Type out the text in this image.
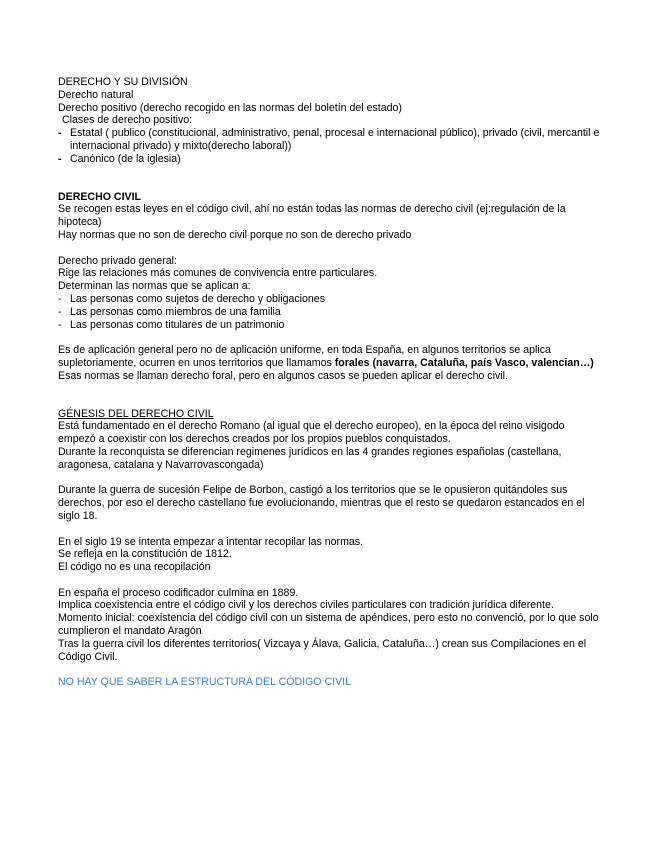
DERECHO Y SU DIVISIÓN
Derecho natural
Derecho positivo (derecho recogido en las normas del boletín del estado)
Clases de derecho positivo:
- Estatal ( publico (constitucional, administrativo, penal, procesal e internacional público), privado (civil, mercantil e internacional privado) y mixto(derecho laboral))
- Canónico (de la iglesia)
DERECHO CIVIL
Se recogen estas leyes en el código civil, ahí no están todas las normas de derecho civil (ej:regulación de la hipoteca)
Hay normas que no son de derecho civil porque no son de derecho privado
Derecho privado general:
Rige las relaciones más comunes de convivencia entre particulares.
Determinan las normas que se aplican a:
- Las personas como sujetos de derecho y obligaciones
- Las personas como miembros de una familia
- Las personas como titulares de un patrimonio
Es de aplicación general pero no de aplicación uniforme, en toda España, en algunos territorios se aplica supletoriamente, ocurren en unos territorios que llamamos forales (navarra, Cataluña, país Vasco, valencian…)
Esas normas se llaman derecho foral, pero en algunos casos se pueden aplicar el derecho civil.
GÉNESIS DEL DERECHO CIVIL
Está fundamentado en el derecho Romano (al igual que el derecho europeo), en la época del reino visigodo empezó a coexistir con los derechos creados por los propios pueblos conquistados.
Durante la reconquista se diferencian regimenes jurídicos en las 4 grandes regiones españolas (castellana, aragonesa, catalana y Navarrovascongada)
Durante la guerra de sucesión Felipe de Borbon, castigó a los territorios que se le opusieron quitándoles sus derechos, por eso el derecho castellano fue evolucionando, mientras que el resto se quedaron estancados en el siglo 18.
En el siglo 19 se intenta empezar a intentar recopilar las normas.
Se refleja en la constitución de 1812.
El código no es una recopilación
En españa el proceso codificador culmina en 1889.
Implica coexistencia entre el código civil y los derechos civiles particulares con tradición jurídica diferente.
Momento inicial: coexistencia del código civil con un sistema de apéndices, pero esto no convenció, por lo que solo cumplieron el mandato Aragón
Tras la guerra civil los diferentes territorios( Vizcaya y Álava, Galicia, Cataluña…) crean sus Compilaciones en el Código Civil.
NO HAY QUE SABER LA ESTRUCTURA DEL CÓDIGO CIVIL
